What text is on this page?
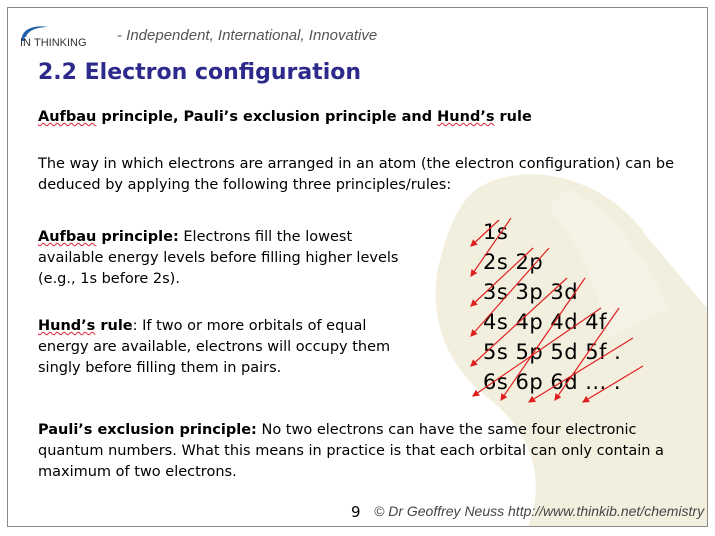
IN THINKING - Independent, International, Innovative
2.2 Electron configuration
Aufbau principle, Pauli’s exclusion principle and Hund’s rule
The way in which electrons are arranged in an atom (the electron configuration) can be deduced by applying the following three principles/rules:
Aufbau principle: Electrons fill the lowest available energy levels before filling higher levels (e.g., 1s before 2s).
Hund’s rule: If two or more orbitals of equal energy are available, electrons will occupy them singly before filling them in pairs.
1s
2s 2p
3s 3p 3d
4s 4p 4d 4f
5s 5p 5d 5f .
6s 6p 6d ... .
Pauli’s exclusion principle: No two electrons can have the same four electronic quantum numbers. What this means in practice is that each orbital can only contain a maximum of two electrons.
9 © Dr Geoffrey Neuss http://www.thinkib.net/chemistry
